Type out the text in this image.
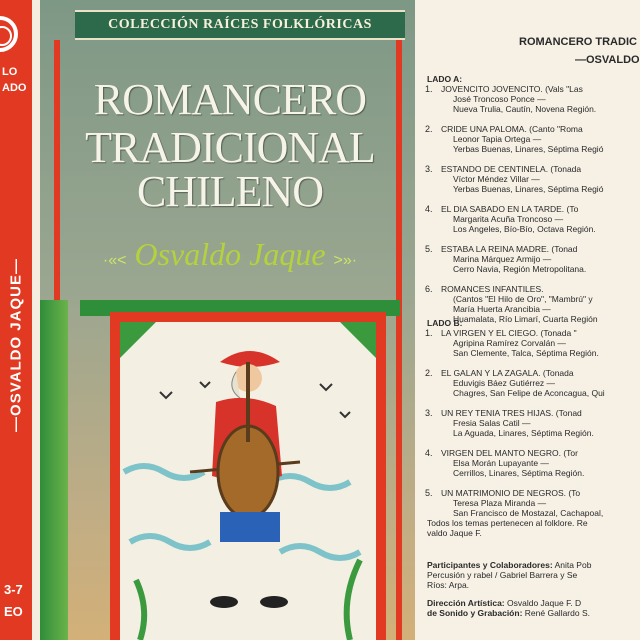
LO
ADO
—OSVALDO JAQUE—
3-7
EO
COLECCIÓN RAÍCES FOLKLÓRICAS
ROMANCERO
TRADICIONAL
CHILENO
·«< Osvaldo Jaque >»·
ROMANCERO TRADIC
—OSVALDO
LADO A:
1. JOVENCITO JOVENCITO. (Vals "Las
José Troncoso Ponce —
Nueva Trulia, Cautín, Novena Región.
2. CRIDE UNA PALOMA. (Canto "Roma
Leonor Tapia Ortega —
Yerbas Buenas, Linares, Séptima Regió
3. ESTANDO DE CENTINELA. (Tonada
Víctor Méndez Villar —
Yerbas Buenas, Linares, Séptima Regió
4. EL DIA SABADO EN LA TARDE. (To
Margarita Acuña Troncoso —
Los Angeles, Bío-Bío, Octava Región.
5. ESTABA LA REINA MADRE. (Tonad
Marina Márquez Armijo —
Cerro Navia, Región Metropolitana.
6. ROMANCES INFANTILES.
(Cantos "El Hilo de Oro", "Mambrú" y
María Huerta Arancibia —
Huamalata, Río Limarí, Cuarta Región
LADO B:
1. LA VIRGEN Y EL CIEGO. (Tonada "
Agripina Ramírez Corvalán —
San Clemente, Talca, Séptima Región.
2. EL GALAN Y LA ZAGALA. (Tonada
Eduvigis Báez Gutiérrez —
Chagres, San Felipe de Aconcagua, Qui
3. UN REY TENIA TRES HIJAS. (Tonad
Fresia Salas Catil —
La Aguada, Linares, Séptima Región.
4. VIRGEN DEL MANTO NEGRO. (Tor
Elsa Morán Lupayante —
Cerrillos, Linares, Séptima Región.
5. UN MATRIMONIO DE NEGROS. (To
Teresa Plaza Miranda —
San Francisco de Mostazal, Cachapoal,
Todos los temas pertenecen al folklore. Re
valdo Jaque F.
Participantes y Colaboradores: Anita Pob
Percusión y rabel / Gabriel Barrera y Se
Ríos: Arpa.
Dirección Artística: Osvaldo Jaque F. D
de Sonido y Grabación: René Gallardo S.
